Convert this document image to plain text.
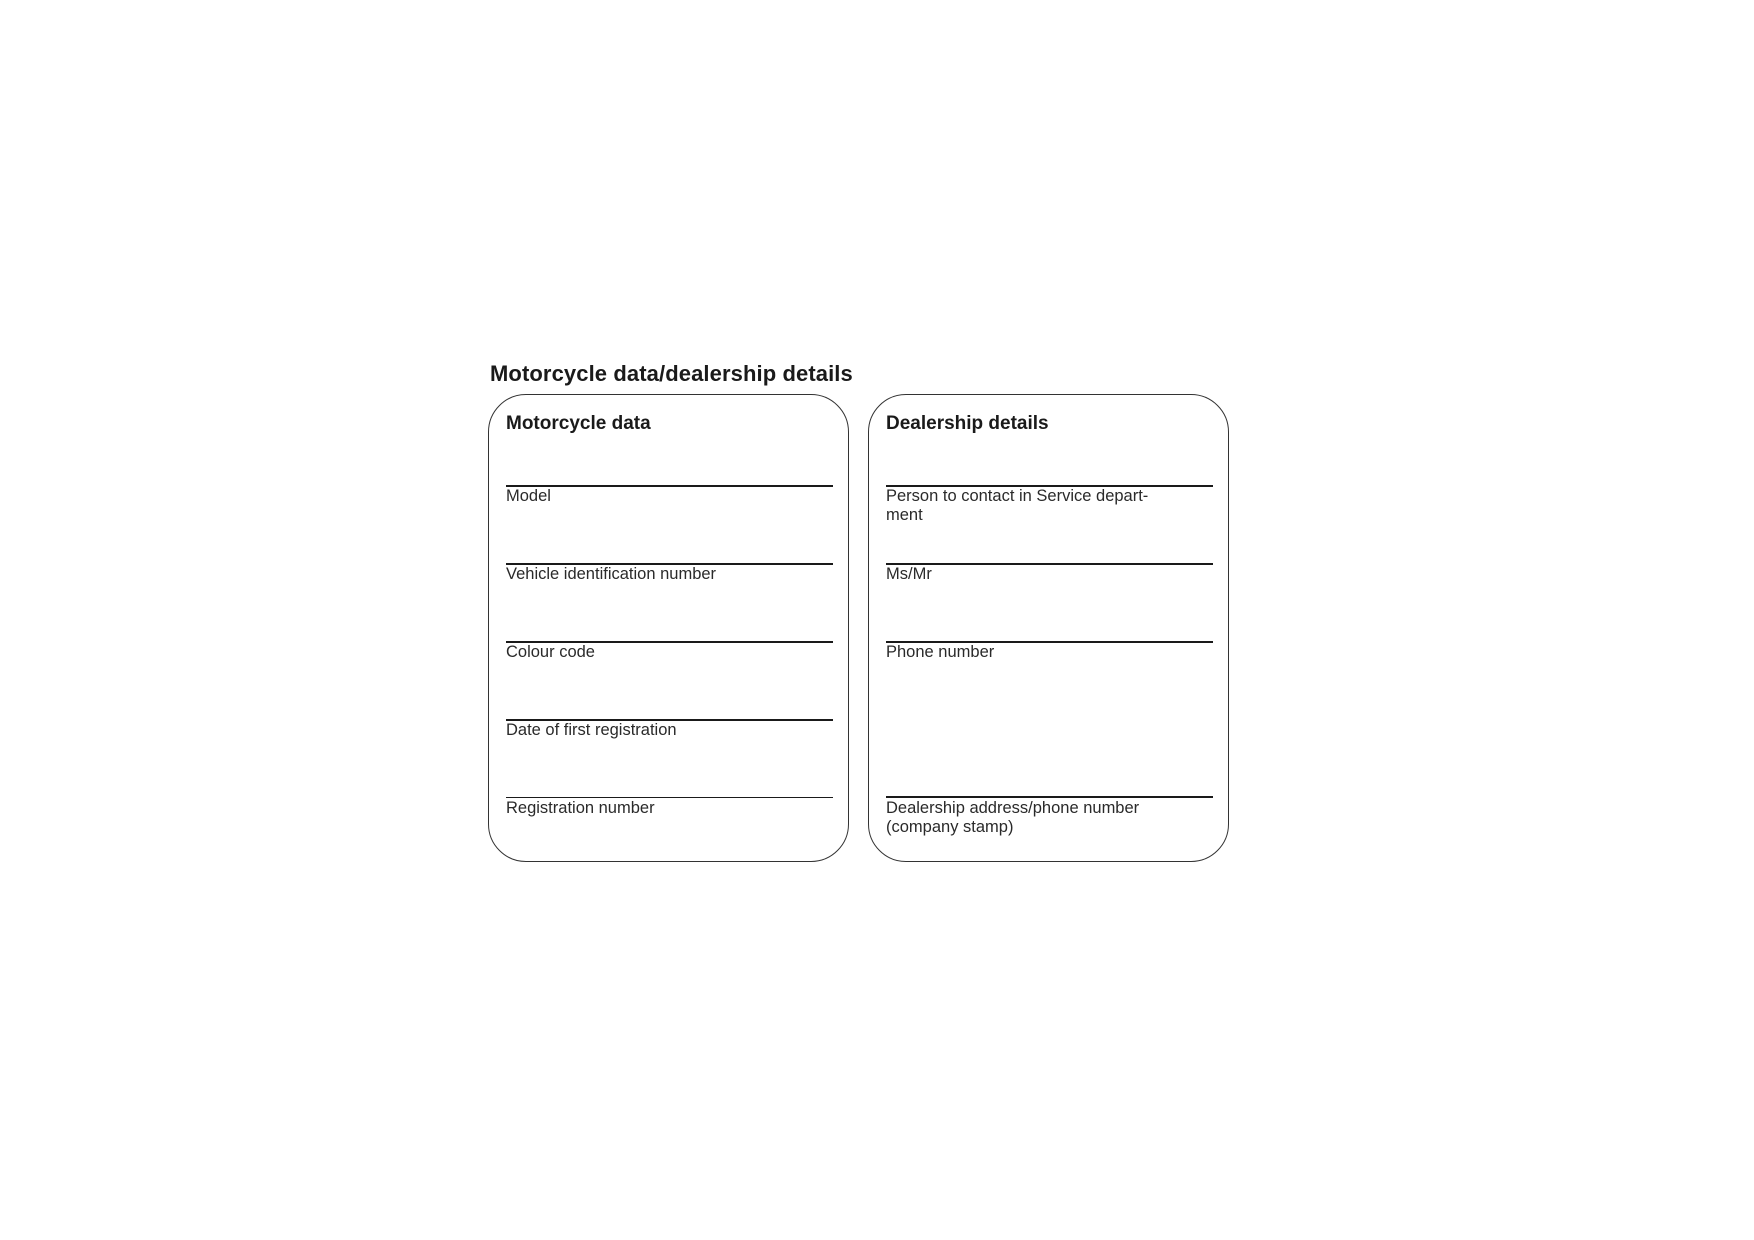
Motorcycle data/dealership details
Motorcycle data
Model
Vehicle identification number
Colour code
Date of first registration
Registration number
Dealership details
Person to contact in Service depart-
ment
Ms/Mr
Phone number
Dealership address/phone number
(company stamp)
